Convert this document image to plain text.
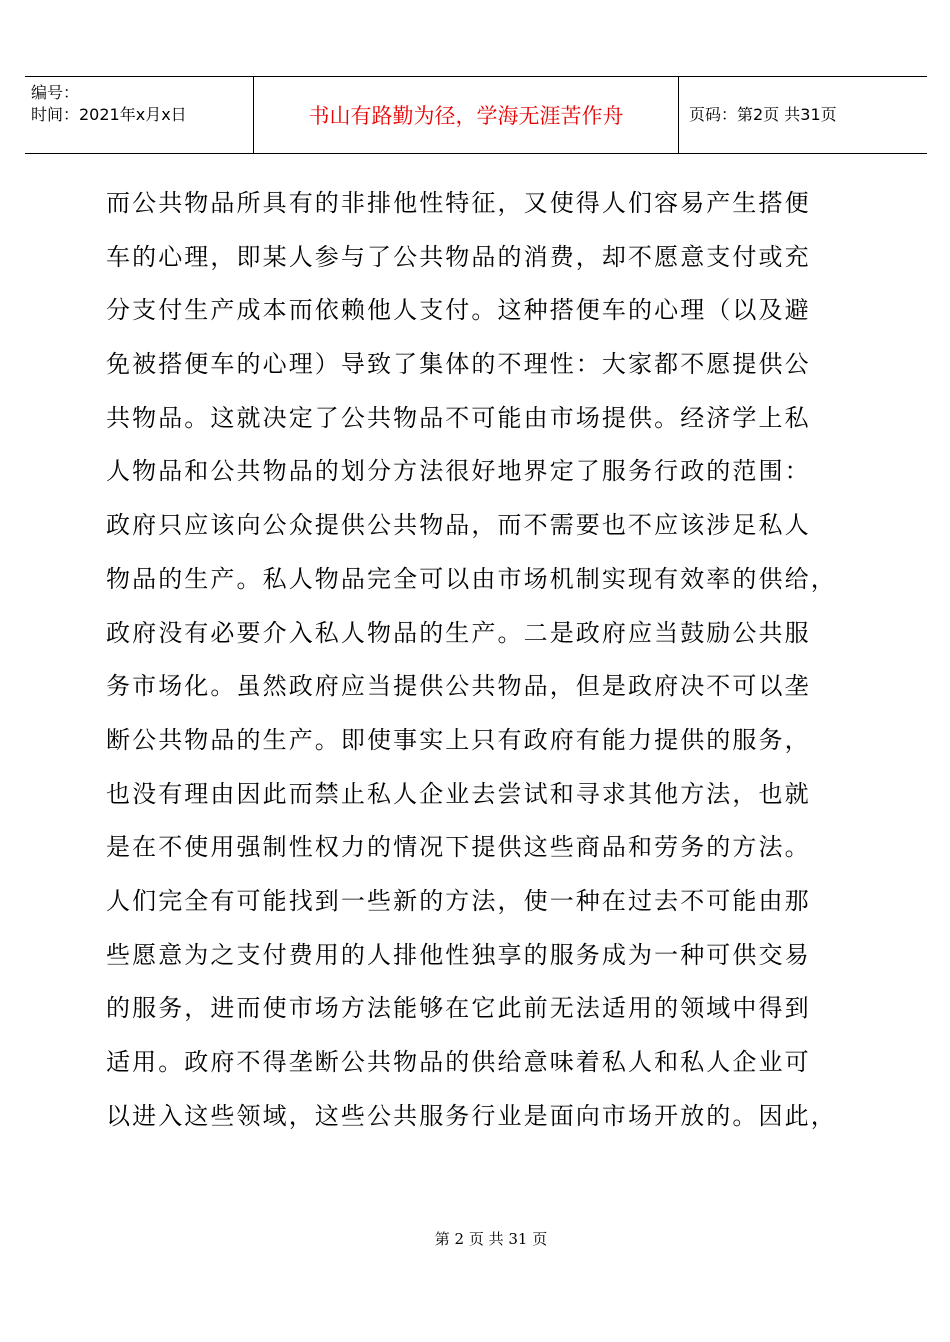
编号：
时间：2021年x月x日	书山有路勤为径，学海无涯苦作舟	页码：第2页 共31页
而公共物品所具有的非排他性特征，又使得人们容易产生搭便
车的心理，即某人参与了公共物品的消费，却不愿意支付或充
分支付生产成本而依赖他人支付。这种搭便车的心理（以及避
免被搭便车的心理）导致了集体的不理性：大家都不愿提供公
共物品。这就决定了公共物品不可能由市场提供。经济学上私
人物品和公共物品的划分方法很好地界定了服务行政的范围：
政府只应该向公众提供公共物品，而不需要也不应该涉足私人
物品的生产。私人物品完全可以由市场机制实现有效率的供给，
政府没有必要介入私人物品的生产。二是政府应当鼓励公共服
务市场化。虽然政府应当提供公共物品，但是政府决不可以垄
断公共物品的生产。即使事实上只有政府有能力提供的服务，
也没有理由因此而禁止私人企业去尝试和寻求其他方法，也就
是在不使用强制性权力的情况下提供这些商品和劳务的方法。
人们完全有可能找到一些新的方法，使一种在过去不可能由那
些愿意为之支付费用的人排他性独享的服务成为一种可供交易
的服务，进而使市场方法能够在它此前无法适用的领域中得到
适用。政府不得垄断公共物品的供给意味着私人和私人企业可
以进入这些领域，这些公共服务行业是面向市场开放的。因此，
第 2 页 共 31 页
